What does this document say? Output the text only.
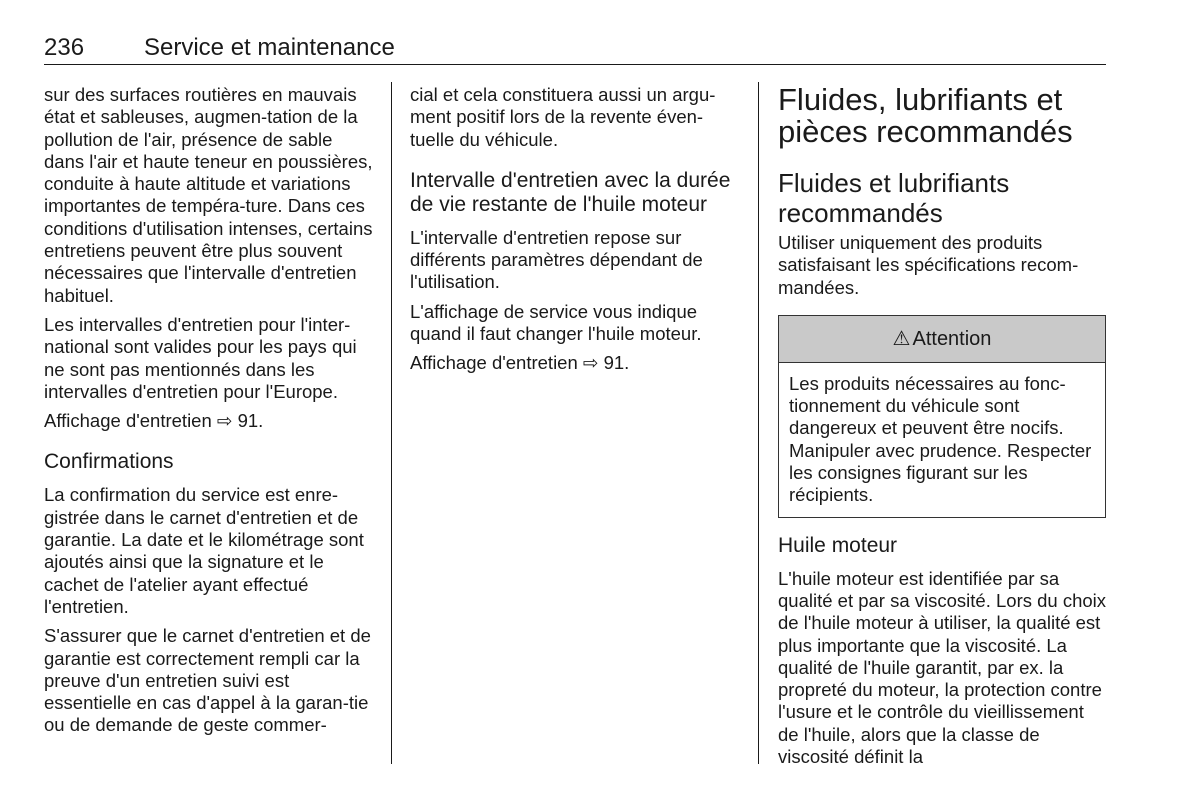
236 Service et maintenance

sur des surfaces routières en mauvais état et sableuses, augmen-tation de la pollution de l'air, présence de sable dans l'air et haute teneur en poussières, conduite à haute altitude et variations importantes de tempéra-ture. Dans ces conditions d'utilisation intenses, certains entretiens peuvent être plus souvent nécessaires que l'intervalle d'entretien habituel.

Les intervalles d'entretien pour l'inter-national sont valides pour les pays qui ne sont pas mentionnés dans les intervalles d'entretien pour l'Europe.

Affichage d'entretien ⇨ 91.

Confirmations

La confirmation du service est enre-gistrée dans le carnet d'entretien et de garantie. La date et le kilométrage sont ajoutés ainsi que la signature et le cachet de l'atelier ayant effectué l'entretien.

S'assurer que le carnet d'entretien et de garantie est correctement rempli car la preuve d'un entretien suivi est essentielle en cas d'appel à la garan-tie ou de demande de geste commer-

cial et cela constituera aussi un argu-ment positif lors de la revente éven-tuelle du véhicule.

Intervalle d'entretien avec la durée de vie restante de l'huile moteur

L'intervalle d'entretien repose sur différents paramètres dépendant de l'utilisation.

L'affichage de service vous indique quand il faut changer l'huile moteur.

Affichage d'entretien ⇨ 91.

Fluides, lubrifiants et pièces recommandés
Fluides et lubrifiants recommandés

Utiliser uniquement des produits satisfaisant les spécifications recom-mandées.

⚠ Attention
Les produits nécessaires au fonc-tionnement du véhicule sont dangereux et peuvent être nocifs. Manipuler avec prudence. Respecter les consignes figurant sur les récipients.
Huile moteur

L'huile moteur est identifiée par sa qualité et par sa viscosité. Lors du choix de l'huile moteur à utiliser, la qualité est plus importante que la viscosité. La qualité de l'huile garantit, par ex. la propreté du moteur, la protection contre l'usure et le contrôle du vieillissement de l'huile, alors que la classe de viscosité définit la
